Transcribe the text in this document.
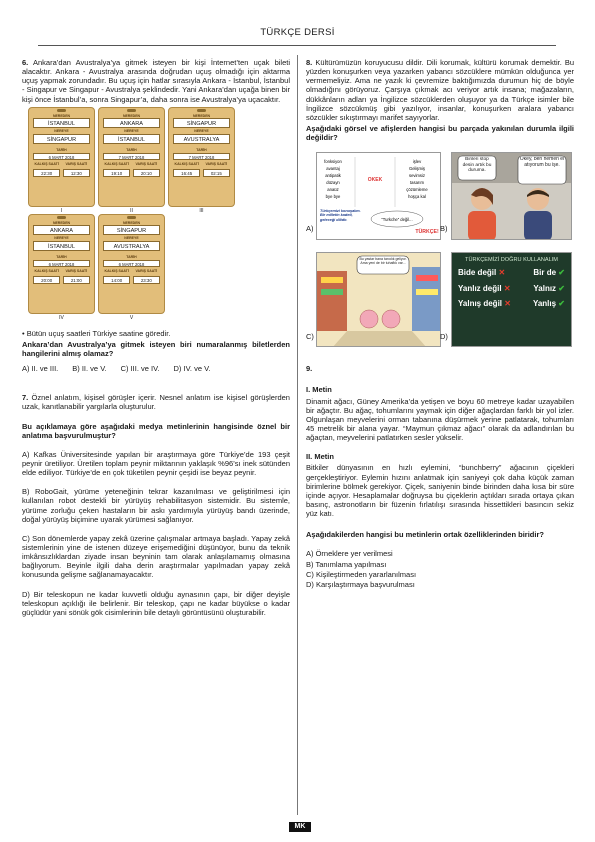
TÜRKÇE DERSİ

6. Ankara’dan Avustralya’ya gitmek isteyen bir kişi İnternet’ten uçak bileti alacaktır. Ankara - Avustralya arasında doğrudan uçuş olmadığı için aktarma uçuş yapmak zorundadır. Bu uçuş için hatlar sırasıyla Ankara - İstanbul, İstanbul - Singapur ve Singapur - Avustralya şeklindedir. Yani Ankara’dan uçağa binen bir kişi önce İstanbul’a, sonra Singapur’a, daha sonra ise Avustralya’ya uçacaktır.

NEREDEN
İSTANBUL
NEREYE
SİNGAPUR
TARİH
6 MART 2018
KALKIŞ SAATİ	VARIŞ SAATİ
22:30	12:30
NEREDEN
ANKARA
NEREYE
İSTANBUL
TARİH
7 MART 2018
KALKIŞ SAATİ	VARIŞ SAATİ
19:10	20:10
NEREDEN
SİNGAPUR
NEREYE
AVUSTRALYA
TARİH
7 MART 2018
KALKIŞ SAATİ	VARIŞ SAATİ
16:45	02:15
NEREDEN
ANKARA
NEREYE
İSTANBUL
TARİH
6 MART 2018
KALKIŞ SAATİ	VARIŞ SAATİ
20:00	21:00
NEREDEN
SİNGAPUR
NEREYE
AVUSTRALYA
TARİH
6 MART 2018
KALKIŞ SAATİ	VARIŞ SAATİ
14:00	23:30
I	II	III
IV	V

• Bütün uçuş saatleri Türkiye saatine göredir.

Ankara’dan Avustralya’ya gitmek isteyen biri numaralanmış biletlerden hangilerini almış olamaz?

A) II. ve III. B) II. ve V. C) III. ve IV. D) IV. ve V.

7. Öznel anlatım, kişisel görüşler içerir. Nesnel anlatım ise kişisel görüşlerden uzak, kanıtlanabilir yargılarla oluşturulur.

Bu açıklamaya göre aşağıdaki medya metinlerinin hangisinde öznel bir anlatıma başvurulmuştur?

A) Kafkas Üniversitesinde yapılan bir araştırmaya göre Türkiye’de 193 çeşit peynir üretiliyor. Üretilen toplam peynir miktarının yaklaşık %96’sı inek sütünden elde ediliyor. Türkiye’de en çok tüketilen peynir çeşidi ise beyaz peynir.

B) RoboGait, yürüme yeteneğinin tekrar kazanılması ve geliştirilmesi için kullanılan robot destekli bir yürüyüş rehabilitasyon sistemidir. Bu sistemle, yürüme zorluğu çeken hastaların bir askı yardımıyla yürüyüş bandı üzerinde, doğal yürüyüş biçimine uyarak yürümesi sağlanıyor.

C) Son dönemlerde yapay zekâ üzerine çalışmalar artmaya başladı. Yapay zekâ sistemlerinin yine de istenen düzeye erişemediğini düşünüyor, bunu da teknik imkânsızlıklardan ziyade insan beyninin tam olarak anlaşılamamış olmasına bağlıyorum. Beyinle ilgili daha derin araştırmalar yapılmadan yapay zekâ konusunda gelişme sağlanamayacaktır.

D) Bir teleskopun ne kadar kuvvetli olduğu aynasının çapı, bir diğer deyişle teleskopun açıklığı ile belirlenir. Bir teleskop, çapı ne kadar büyükse o kadar güçlüdür yani sönük gök cisimlerinin bile detaylı görüntüsünü oluşturabilir.

8. Kültürümüzün koruyucusu dildir. Dili korumak, kültürü korumak demektir. Bu yüzden konuşurken veya yazarken yabancı sözcüklere mümkün olduğunca yer vermemeliyiz. Ama ne yazık ki çevremize baktığımızda durumun hiç de böyle olmadığını görüyoruz. Çarşıya çıkmak acı veriyor artık insana; mağazaların, dükkânların adları ya İngilizce sözcüklerden oluşuyor ya da Türkçe isimler bile İngilizce sözcükmüş gibi yazılıyor, insanlar, konuşurken aralara yabancı sözcükler sıkıştırmayı marifet sayıyorlar.

Aşağıdaki görsel ve afişlerden hangisi bu parçada yakınılan durumla ilgili değildir?

A)
fonksiyon
avantaj
antipatik
düzayn
anaüz
bye bye
OKEK
işlev
Gelişmiş
sevimsiz
tasarım
çözümleme
hoşça kal
Türkçemizi konuşalım. Bir milletin kadeti, geleceği dilidir.	“Turkche” değil...
TÜRKÇE! B)
Birileri stop desin artık bu duruma.
Okey, ben hemen el atıyorum bu işe.
C)
Bu yastar bana tanıdık geliyor. Ama yeni de bir tuhaflık var...
D)
TÜRKÇEMİZİ DOĞRU KULLANALIM
Bide değil ✕	Bir de ✔
Yanlız değil ✕	Yalnız ✔
Yalnış değil ✕	Yanlış ✔

9.

I. Metin

Dinamit ağacı, Güney Amerika’da yetişen ve boyu 60 metreye kadar uzayabilen bir ağaçtır. Bu ağaç, tohumlarını yaymak için diğer ağaçlardan farklı bir yol izler. Olgunlaşan meyvelerini orman tabanına düşürmek yerine patlatarak, tohumları 45 metrelik bir alana yayar. “Maymun çıkmaz ağacı” olarak da adlandırılan bu ağaçtan, meyvelerini patlatırken sesler yükselir.

II. Metin

Bitkiler dünyasının en hızlı eylemini, “bunchberry” ağacının çiçekleri gerçekleştiriyor. Eylemin hızını anlatmak için saniyeyi çok daha küçük zaman birimlerine bölmek gerekiyor. Çiçek, saniyenin binde birinden daha kısa bir süre içinde açıyor. Hesaplamalar doğruysa bu çiçeklerin açtıkları sırada ortaya çıkan basınç, astronotların bir füzenin fırlatılışı sırasında hissettikleri basıncın sekiz yüz katı.

Aşağıdakilerden hangisi bu metinlerin ortak özelliklerinden biridir?

A) Örneklere yer verilmesi
B) Tanımlama yapılması
C) Kişileştirmeden yararlanılması
D) Karşılaştırmaya başvurulması
MK
